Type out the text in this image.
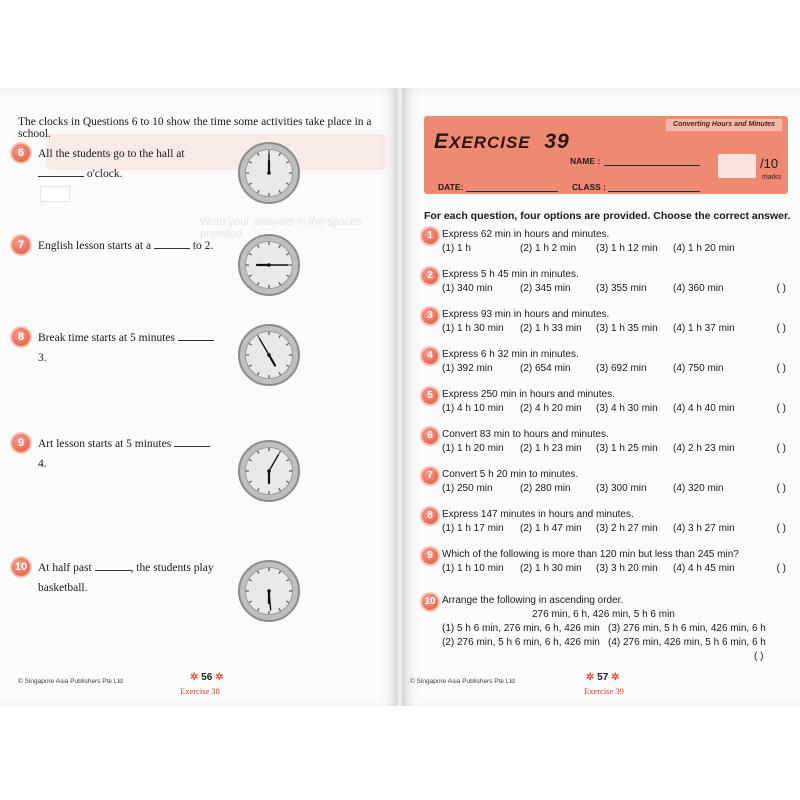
Write your answers in the spaces provided.
The clocks in Questions 6 to 10 show the time some activities take place in a school.
6	All the students go to the hall at
o'clock.

7	English lesson starts at a	to 2.
8	Break time starts at 5 minutes  3.
9	Art lesson starts at 5 minutes  4.
10 At half past	, the students play
basketball.
© Singapore Asia Publishers Pte Ltd	✲ 56 ✲
Exercise 38
Converting Hours and Minutes
EXERCISE 39
NAME :
DATE:	CLASS :
/10
marks
For each question, four options are provided. Choose the correct answer.
1 Express 62 min in hours and minutes.
(1) 1 h	(2) 1 h 2 min	(3) 1 h 12 min	(4) 1 h 20 min
2 Express 5 h 45 min in minutes.
(1) 340 min	(2) 345 min	(3) 355 min	(4) 360 min	( )
3 Express 93 min in hours and minutes.
(1) 1 h 30 min	(2) 1 h 33 min	(3) 1 h 35 min	(4) 1 h 37 min	( )
4 Express 6 h 32 min in minutes.
(1) 392 min	(2) 654 min	(3) 692 min	(4) 750 min	( )
5 Express 250 min in hours and minutes.
(1) 4 h 10 min	(2) 4 h 20 min	(3) 4 h 30 min	(4) 4 h 40 min	( )
6 Convert 83 min to hours and minutes.
(1) 1 h 20 min	(2) 1 h 23 min	(3) 1 h 25 min	(4) 2 h 23 min	( )
7 Convert 5 h 20 min to minutes.
(1) 250 min	(2) 280 min	(3) 300 min	(4) 320 min	( )
8 Express 147 minutes in hours and minutes.
(1) 1 h 17 min	(2) 1 h 47 min	(3) 2 h 27 min	(4) 3 h 27 min	( )
9 Which of the following is more than 120 min but less than 245 min?
(1) 1 h 10 min	(2) 1 h 30 min	(3) 3 h 20 min	(4) 4 h 45 min	( )
10 Arrange the following in ascending order.
276 min, 6 h, 426 min, 5 h 6 min
(1) 5 h 6 min, 276 min, 6 h, 426 min (3) 276 min, 5 h 6 min, 426 min, 6 h
(2) 276 min, 5 h 6 min, 6 h, 426 min (4) 276 min, 426 min, 5 h 6 min, 6 h
( )
© Singapore Asia Publishers Pte Ltd	✲ 57 ✲
Exercise 39
